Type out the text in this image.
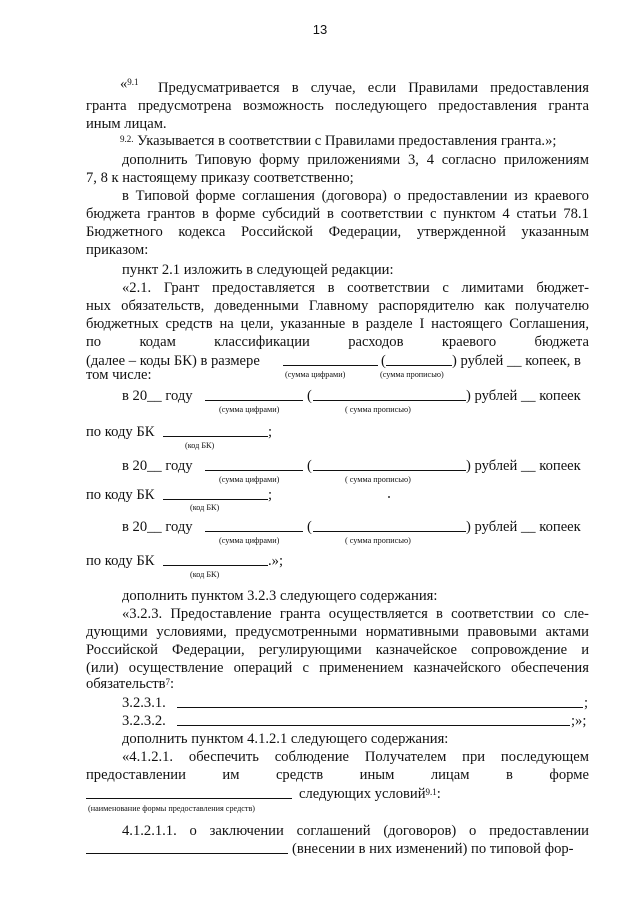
13
«$^{9.1}$ Предусматривается в случае, если Правилами предоставления
гранта предусмотрена возможность последующего предоставления гранта
иным лицам.
$^{9.2.}$ Указывается в соответствии с Правилами предоставления гранта.»;
дополнить Типовую форму приложениями 3, 4 согласно приложениям
7, 8 к настоящему приказу соответственно;
в Типовой форме соглашения (договора) о предоставлении из краевого
бюджета грантов в форме субсидий в соответствии с пунктом 4 статьи 78.1
Бюджетного кодекса Российской Федерации, утвержденной указанным
приказом:
пункт 2.1 изложить в следующей редакции:
«2.1. Грант предоставляется в соответствии с лимитами бюджет-
ных обязательств, доведенными Главному распорядителю как получателю
бюджетных средств на цели, указанные в разделе I настоящего Соглашения,
по	кодам	классификации	расходов	краевого	бюджета
(далее – коды БК) в размере	(	) рублей __ копеек, в
(сумма цифрами)	(сумма прописью)
том числе:
в 20__ году	(	) рублей __ копеек
(сумма цифрами)	( сумма прописью)
по коду БК	;
(код БК)
в 20__ году	(	) рублей __ копеек
(сумма цифрами)	( сумма прописью)
по коду БК	;
(код БК)
в 20__ году	(	) рублей __ копеек
(сумма цифрами)	( сумма прописью)
по коду БК	.»;
(код БК)
дополнить пунктом 3.2.3 следующего содержания:
«3.2.3. Предоставление гранта осуществляется в соответствии со сле-
дующими условиями, предусмотренными нормативными правовыми актами
Российской Федерации, регулирующими казначейское сопровождение и
(или) осуществление операций с применением казначейского обеспечения
обязательств$^7$:
3.2.3.1.	;
3.2.3.2.	;»;
дополнить пунктом 4.1.2.1 следующего содержания:
«4.1.2.1. обеспечить соблюдение Получателем при последующем
предоставлении	им	средств	иным	лицам	в	форме
следующих условий$^{9.1}$:
(наименование формы предоставления средств)
4.1.2.1.1. о заключении соглашений (договоров) о предоставлении
(внесении в них изменений) по типовой фор-
